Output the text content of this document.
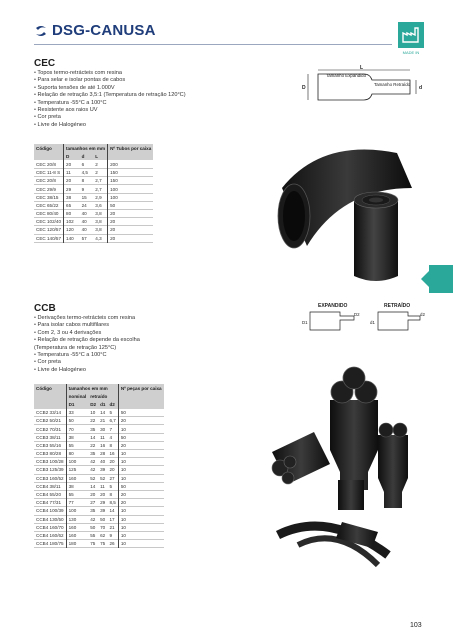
DSG-CANUSA
MADE IN
CEC
• Topos termo-retrácteis com resina
• Para selar e isolar pontas de cabos
• Suporta tensões de até 1.000V
• Relação de retração 3,5:1 (Temperatura de retração 120°C)
• Temperatura -55°C a 100°C
• Resistente aos raios UV
• Cor preta
• Livre de Halogéneo
Tamanho Expandido
Tamanho Retraído
D
L
d
Código	tamanhos em mm			Nº Tubos por caixa
	D	d	L	
CEC 20/8	20	6	2	200
CEC 11-8 S	11	4,5	2	150
CEC 20/8	20	8	2,7	150
CEC 29/9	29	9	2,7	100
CEC 38/15	38	15	2,9	100
CEC 65/22	65	24	3,6	50
CEC 80/40	80	40	3,8	20
CEC 102/40	102	40	3,8	20
CEC 120/57	120	40	3,8	20
CEC 140/57	140	57	4,3	20
CCB
• Derivações termo-retrácteis com resina
• Para isolar cabos multifilares
• Com 2, 3 ou 4 derivações
• Relação de retração depende da escolha
(Temperatura de retração 125°C)
• Temperatura -55°C a 100°C
• Cor preta
• Livre de Halogéneo
EXPANDIDO	RETRAÍDO
D1
D2
d1
d2
Código	tamanhos em mm				Nº peças por caixa
	nominal	retraído			
	D1	D2	d1	d2	
CCB2 33/14	33	10	14	5	50
CCB2 50/21	50	22	21	6,7	20
CCB2 70/31	70	35	30	7	10
CCB3 38/11	38	14	11	4	50
CCB3 55/16	55	22	16	8	20
CCB3 80/28	80	35	28	16	10
CCB3 100/28	100	42	40	20	10
CCB3 125/39	125	42	39	20	10
CCB3 160/52	160	52	52	27	10
CCB4 38/11	38	14	11	5	50
CCB4 55/20	55	20	20	8	20
CCB4 77/31	77	27	29	8,5	20
CCB4 100/39	100	35	39	14	10
CCB4 130/50	130	42	50	17	10
CCB4 160/70	160	50	70	21	10
CCB4 160/62	160	55	62	9	10
CCB4 180/75	180	75	75	26	10
103
